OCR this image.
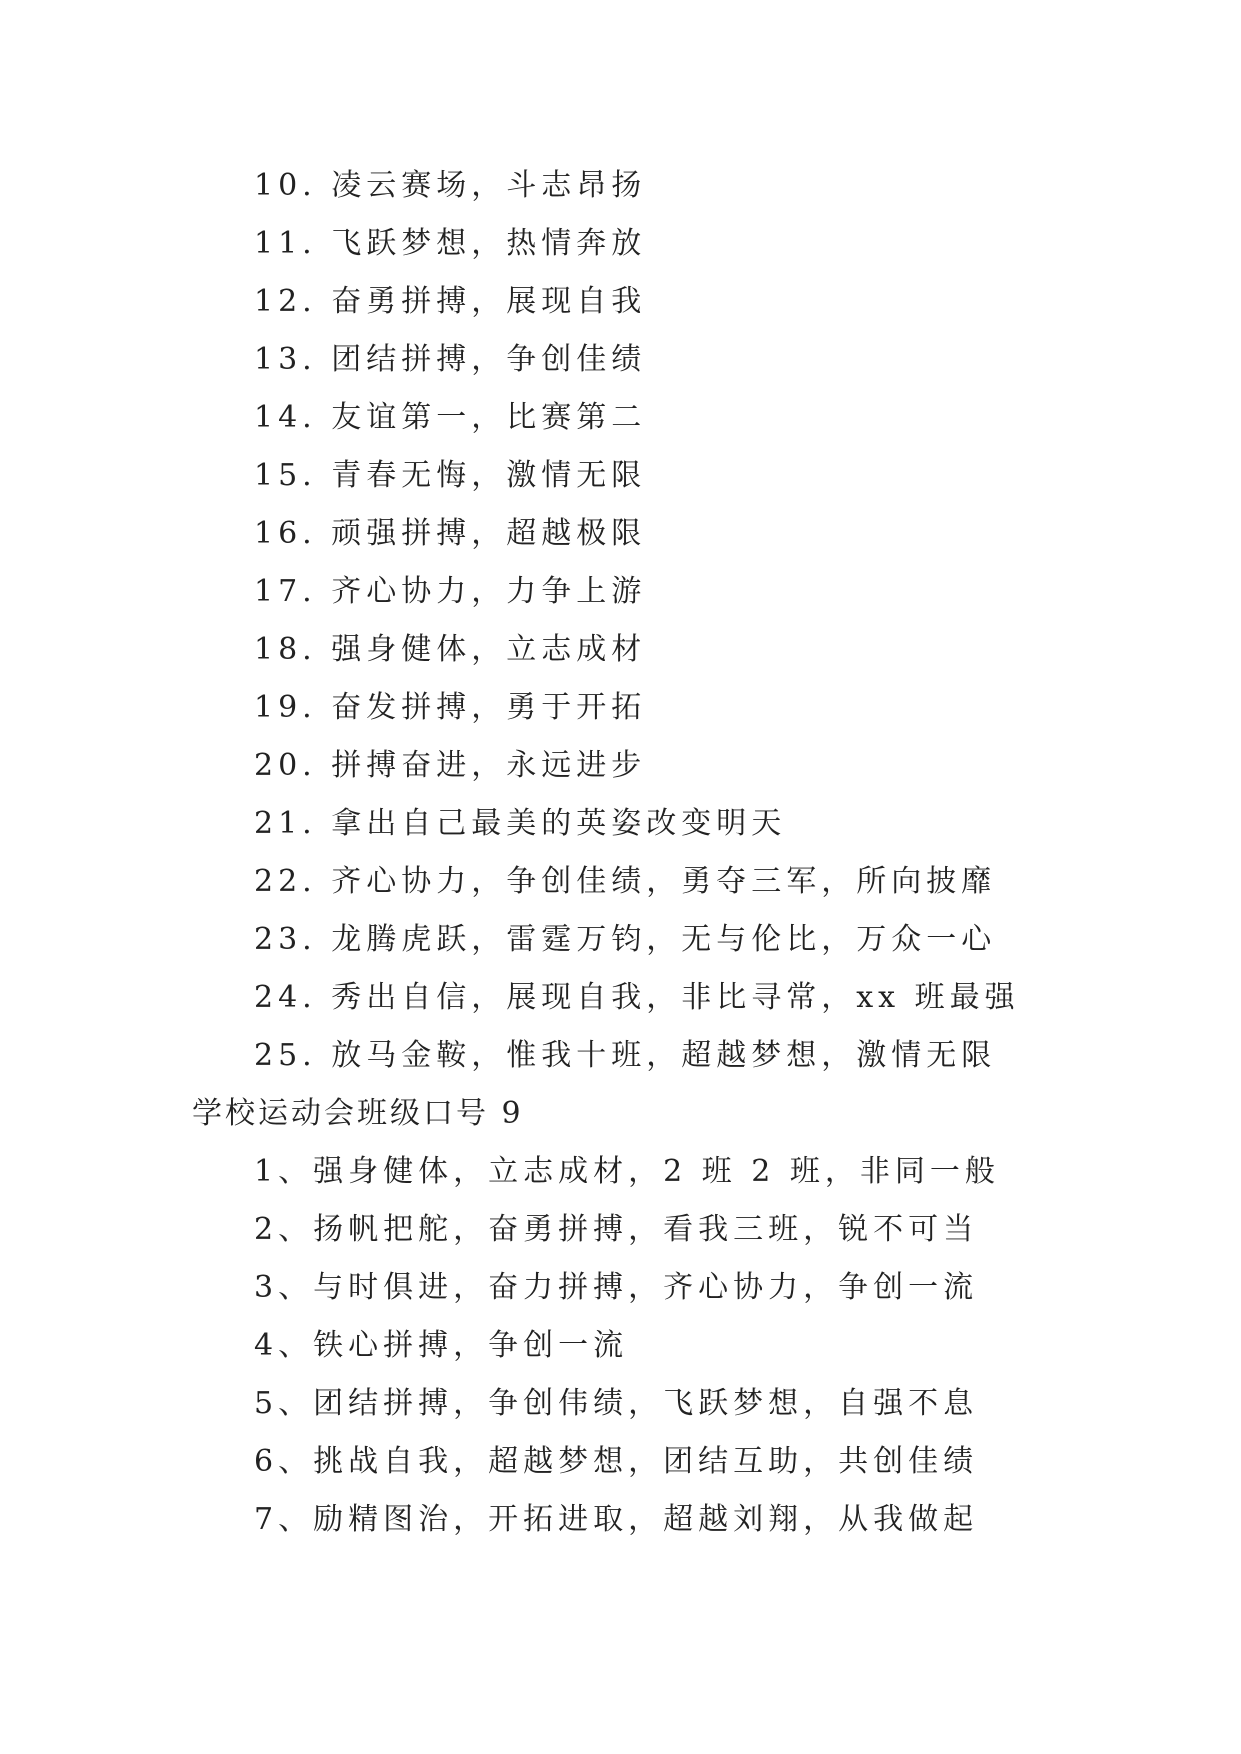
10. 凌云赛场，斗志昂扬
11. 飞跃梦想，热情奔放
12. 奋勇拼搏，展现自我
13. 团结拼搏，争创佳绩
14. 友谊第一，比赛第二
15. 青春无悔，激情无限
16. 顽强拼搏，超越极限
17. 齐心协力，力争上游
18. 强身健体，立志成材
19. 奋发拼搏，勇于开拓
20. 拼搏奋进，永远进步
21. 拿出自己最美的英姿改变明天
22. 齐心协力，争创佳绩，勇夺三军，所向披靡
23. 龙腾虎跃，雷霆万钧，无与伦比，万众一心
24. 秀出自信，展现自我，非比寻常，xx 班最强
25. 放马金鞍，惟我十班，超越梦想，激情无限
学校运动会班级口号 9
1、强身健体，立志成材，2 班 2 班，非同一般
2、扬帆把舵，奋勇拼搏，看我三班，锐不可当
3、与时俱进，奋力拼搏，齐心协力，争创一流
4、铁心拼搏，争创一流
5、团结拼搏，争创伟绩，飞跃梦想，自强不息
6、挑战自我，超越梦想，团结互助，共创佳绩
7、励精图治，开拓进取，超越刘翔，从我做起
